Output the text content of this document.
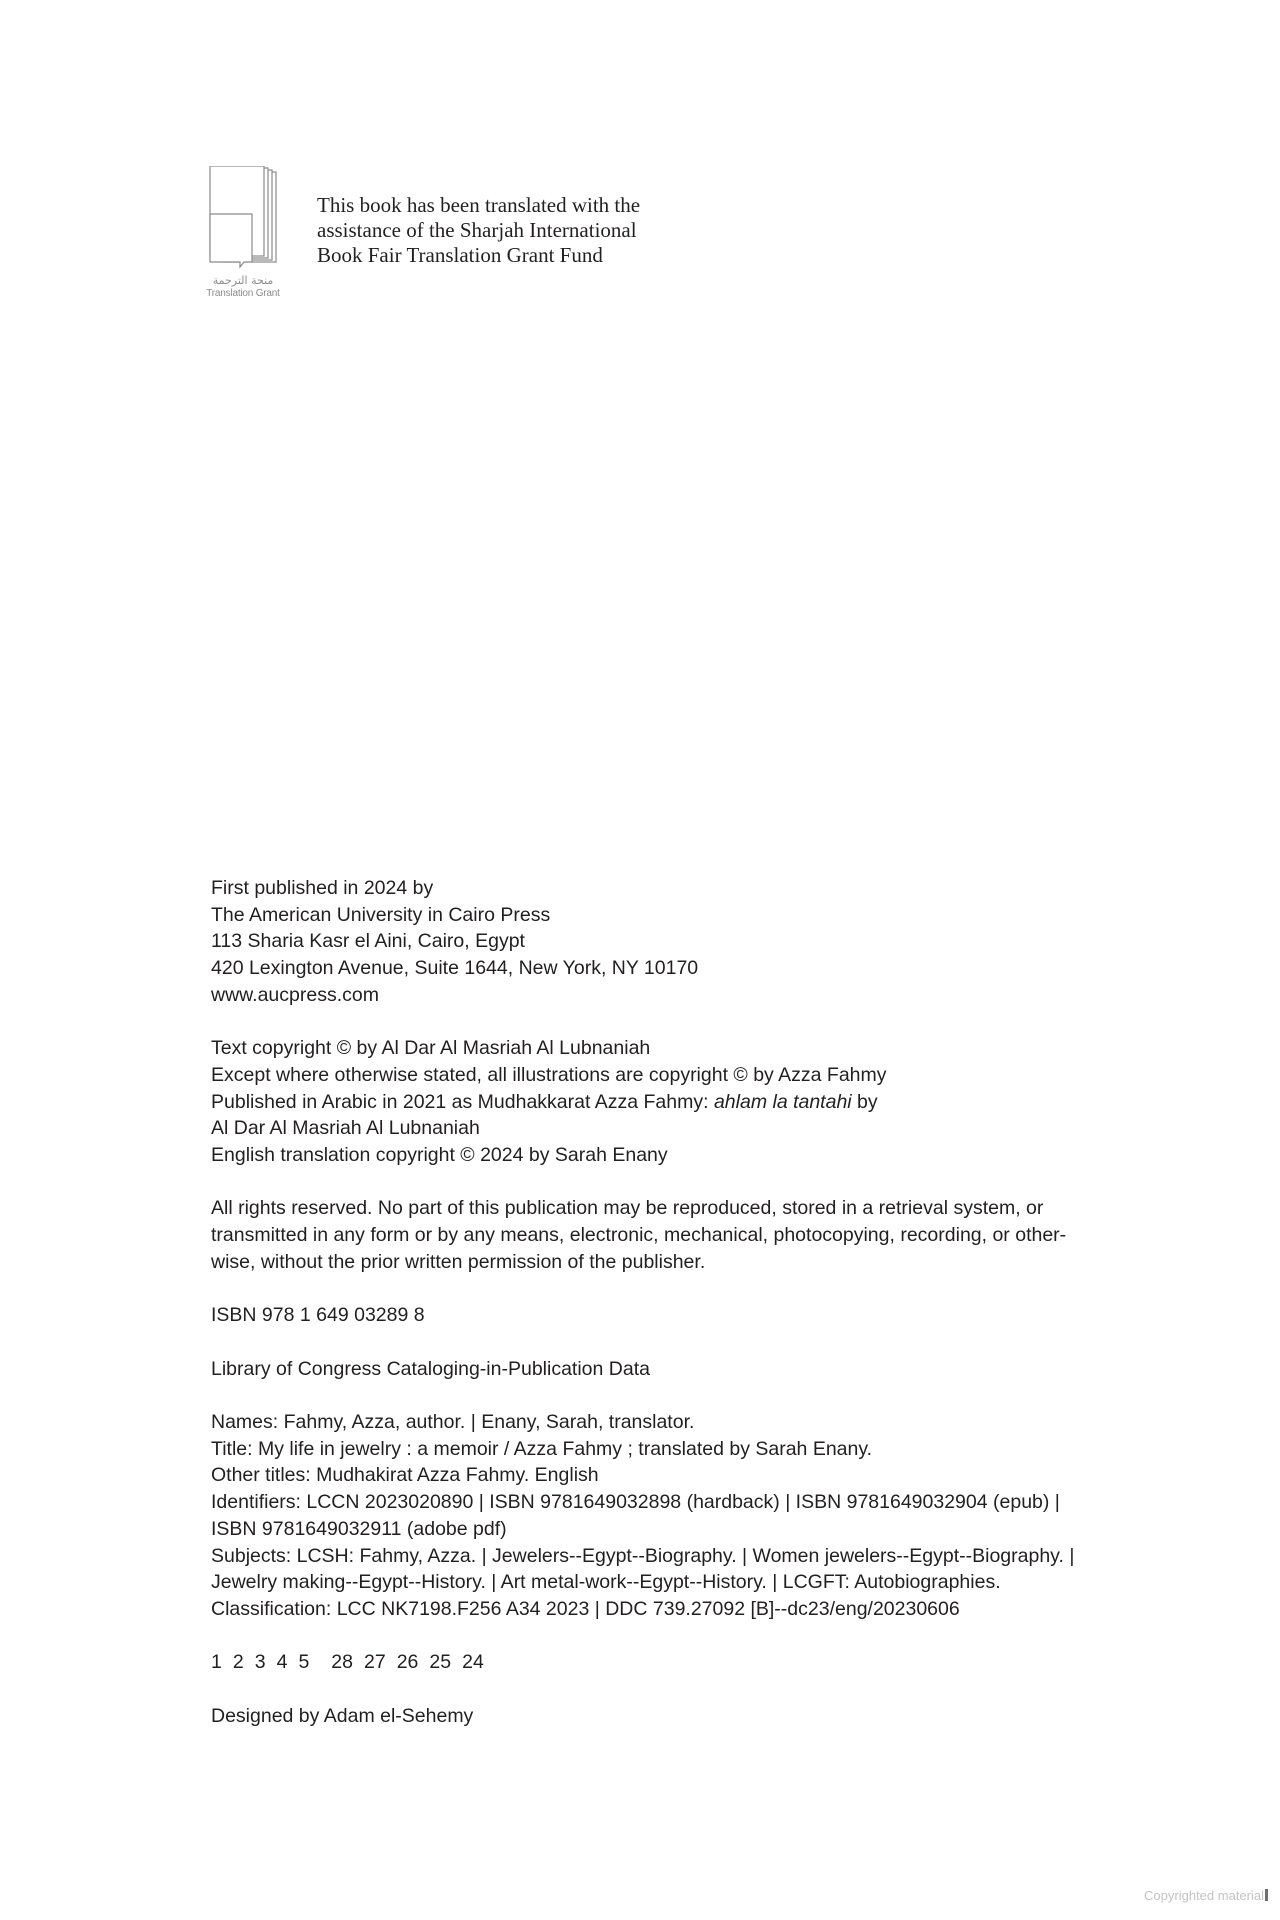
منحة الترجمة
Translation Grant
This book has been translated with the
assistance of the Sharjah International
Book Fair Translation Grant Fund
First published in 2024 by
The American University in Cairo Press
113 Sharia Kasr el Aini, Cairo, Egypt
420 Lexington Avenue, Suite 1644, New York, NY 10170
www.aucpress.com
Text copyright © by Al Dar Al Masriah Al Lubnaniah
Except where otherwise stated, all illustrations are copyright © by Azza Fahmy
Published in Arabic in 2021 as Mudhakkarat Azza Fahmy: ahlam la tantahi by
Al Dar Al Masriah Al Lubnaniah
English translation copyright © 2024 by Sarah Enany
All rights reserved. No part of this publication may be reproduced, stored in a retrieval system, or
transmitted in any form or by any means, electronic, mechanical, photocopying, recording, or other-
wise, without the prior written permission of the publisher.
ISBN 978 1 649 03289 8
Library of Congress Cataloging-in-Publication Data
Names: Fahmy, Azza, author. | Enany, Sarah, translator.
Title: My life in jewelry : a memoir / Azza Fahmy ; translated by Sarah Enany.
Other titles: Mudhakirat Azza Fahmy. English
Identifiers: LCCN 2023020890 | ISBN 9781649032898 (hardback) | ISBN 9781649032904 (epub) |
ISBN 9781649032911 (adobe pdf)
Subjects: LCSH: Fahmy, Azza. | Jewelers--Egypt--Biography. | Women jewelers--Egypt--Biography. |
Jewelry making--Egypt--History. | Art metal-work--Egypt--History. | LCGFT: Autobiographies.
Classification: LCC NK7198.F256 A34 2023 | DDC 739.27092 [B]--dc23/eng/20230606
1 2 3 4 5 28 27 26 25 24
Designed by Adam el-Sehemy
Copyrighted material
